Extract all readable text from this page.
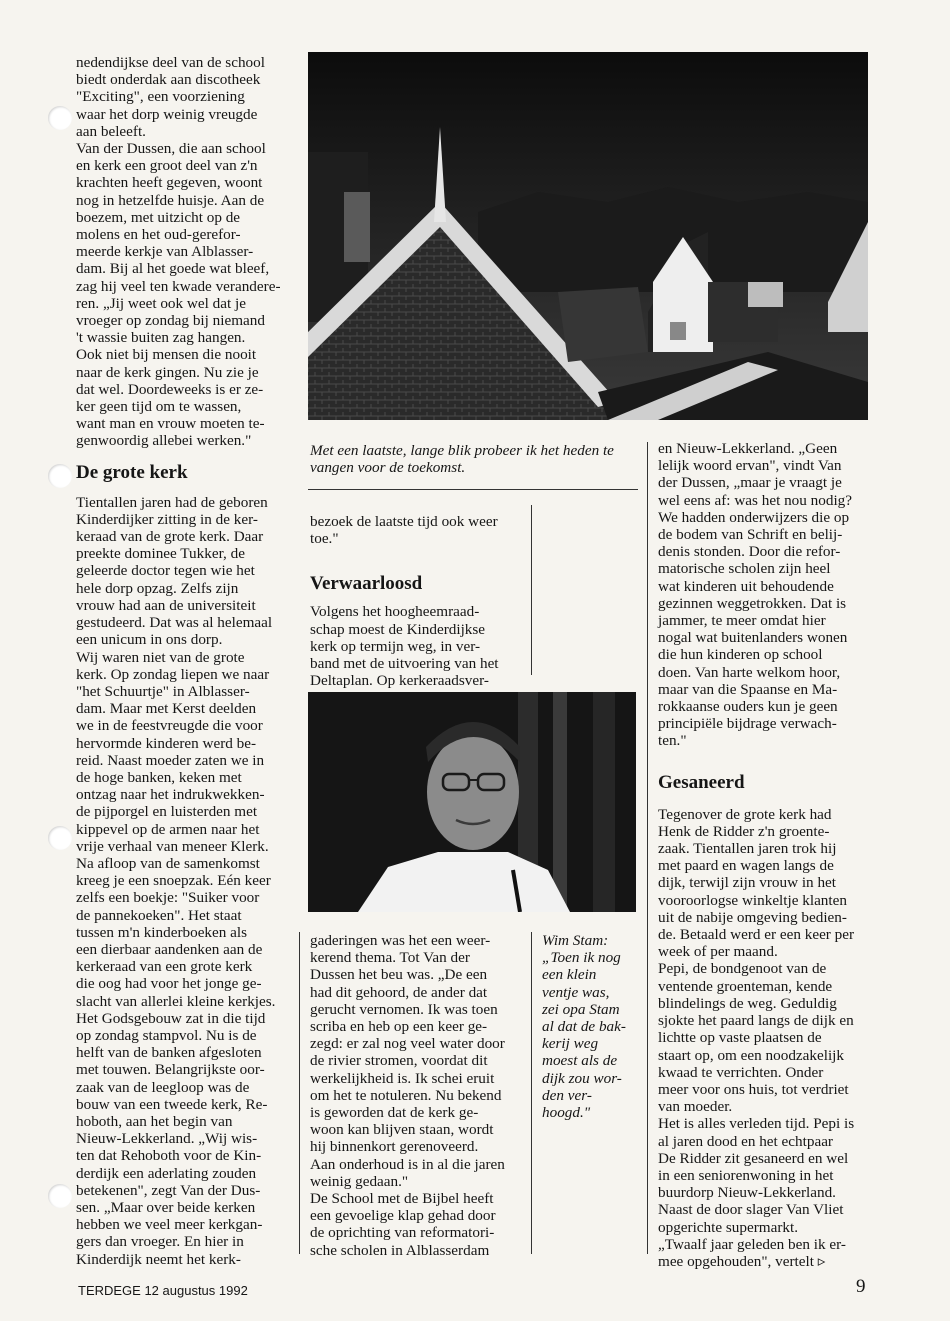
nedendijkse deel van de school
biedt onderdak aan discotheek
"Exciting", een voorziening
waar het dorp weinig vreugde
aan beleeft.
Van der Dussen, die aan school
en kerk een groot deel van z'n
krachten heeft gegeven, woont
nog in hetzelfde huisje. Aan de
boezem, met uitzicht op de
molens en het oud-gerefor-
meerde kerkje van Alblasser-
dam. Bij al het goede wat bleef,
zag hij veel ten kwade verandere-
ren. „Jij weet ook wel dat je
vroeger op zondag bij niemand
't wassie buiten zag hangen.
Ook niet bij mensen die nooit
naar de kerk gingen. Nu zie je
dat wel. Doordeweeks is er ze-
ker geen tijd om te wassen,
want man en vrouw moeten te-
genwoordig allebei werken."

De grote kerk

Tientallen jaren had de geboren
Kinderdijker zitting in de ker-
keraad van de grote kerk. Daar
preekte dominee Tukker, de
geleerde doctor tegen wie het
hele dorp opzag. Zelfs zijn
vrouw had aan de universiteit
gestudeerd. Dat was al helemaal
een unicum in ons dorp.
Wij waren niet van de grote
kerk. Op zondag liepen we naar
"het Schuurtje" in Alblasser-
dam. Maar met Kerst deelden
we in de feestvreugde die voor
hervormde kinderen werd be-
reid. Naast moeder zaten we in
de hoge banken, keken met
ontzag naar het indrukwekken-
de pijporgel en luisterden met
kippevel op de armen naar het
vrije verhaal van meneer Klerk.
Na afloop van de samenkomst
kreeg je een snoepzak. Eén keer
zelfs een boekje: "Suiker voor
de pannekoeken". Het staat
tussen m'n kinderboeken als
een dierbaar aandenken aan de
kerkeraad van een grote kerk
die oog had voor het jonge ge-
slacht van allerlei kleine kerkjes.
Het Godsgebouw zat in die tijd
op zondag stampvol. Nu is de
helft van de banken afgesloten
met touwen. Belangrijkste oor-
zaak van de leegloop was de
bouw van een tweede kerk, Re-
hoboth, aan het begin van
Nieuw-Lekkerland. „Wij wis-
ten dat Rehoboth voor de Kin-
derdijk een aderlating zouden
betekenen", zegt Van der Dus-
sen. „Maar over beide kerken
hebben we veel meer kerkgan-
gers dan vroeger. En hier in
Kinderdijk neemt het kerk-

Met een laatste, lange blik probeer ik het heden te
vangen voor de toekomst.

bezoek de laatste tijd ook weer
toe."

Verwaarloosd

Volgens het hoogheemraad-
schap moest de Kinderdijkse
kerk op termijn weg, in ver-
band met de uitvoering van het
Deltaplan. Op kerkeraadsver-

gaderingen was het een weer-
kerend thema. Tot Van der
Dussen het beu was. „De een
had dit gehoord, de ander dat
gerucht vernomen. Ik was toen
scriba en heb op een keer ge-
zegd: er zal nog veel water door
de rivier stromen, voordat dit
werkelijkheid is. Ik schei eruit
om het te notuleren. Nu bekend
is geworden dat de kerk ge-
woon kan blijven staan, wordt
hij binnenkort gerenoveerd.
Aan onderhoud is in al die jaren
weinig gedaan."
De School met de Bijbel heeft
een gevoelige klap gehad door
de oprichting van reformatori-
sche scholen in Alblasserdam

Wim Stam:
„Toen ik nog
een klein
ventje was,
zei opa Stam
al dat de bak-
kerij weg
moest als de
dijk zou wor-
den ver-
hoogd."

en Nieuw-Lekkerland. „Geen
lelijk woord ervan", vindt Van
der Dussen, „maar je vraagt je
wel eens af: was het nou nodig?
We hadden onderwijzers die op
de bodem van Schrift en belij-
denis stonden. Door die refor-
matorische scholen zijn heel
wat kinderen uit behoudende
gezinnen weggetrokken. Dat is
jammer, te meer omdat hier
nogal wat buitenlanders wonen
die hun kinderen op school
doen. Van harte welkom hoor,
maar van die Spaanse en Ma-
rokkaanse ouders kun je geen
principiële bijdrage verwach-
ten."

Gesaneerd

Tegenover de grote kerk had
Henk de Ridder z'n groente-
zaak. Tientallen jaren trok hij
met paard en wagen langs de
dijk, terwijl zijn vrouw in het
vooroorlogse winkeltje klanten
uit de nabije omgeving bedien-
de. Betaald werd er een keer per
week of per maand.
Pepi, de bondgenoot van de
ventende groenteman, kende
blindelings de weg. Geduldig
sjokte het paard langs de dijk en
lichtte op vaste plaatsen de
staart op, om een noodzakelijk
kwaad te verrichten. Onder
meer voor ons huis, tot verdriet
van moeder.
Het is alles verleden tijd. Pepi is
al jaren dood en het echtpaar
De Ridder zit gesaneerd en wel
in een seniorenwoning in het
buurdorp Nieuw-Lekkerland.
Naast de door slager Van Vliet
opgerichte supermarkt.
„Twaalf jaar geleden ben ik er-
mee opgehouden", vertelt ▹

TERDEGE 12 augustus 1992	9
